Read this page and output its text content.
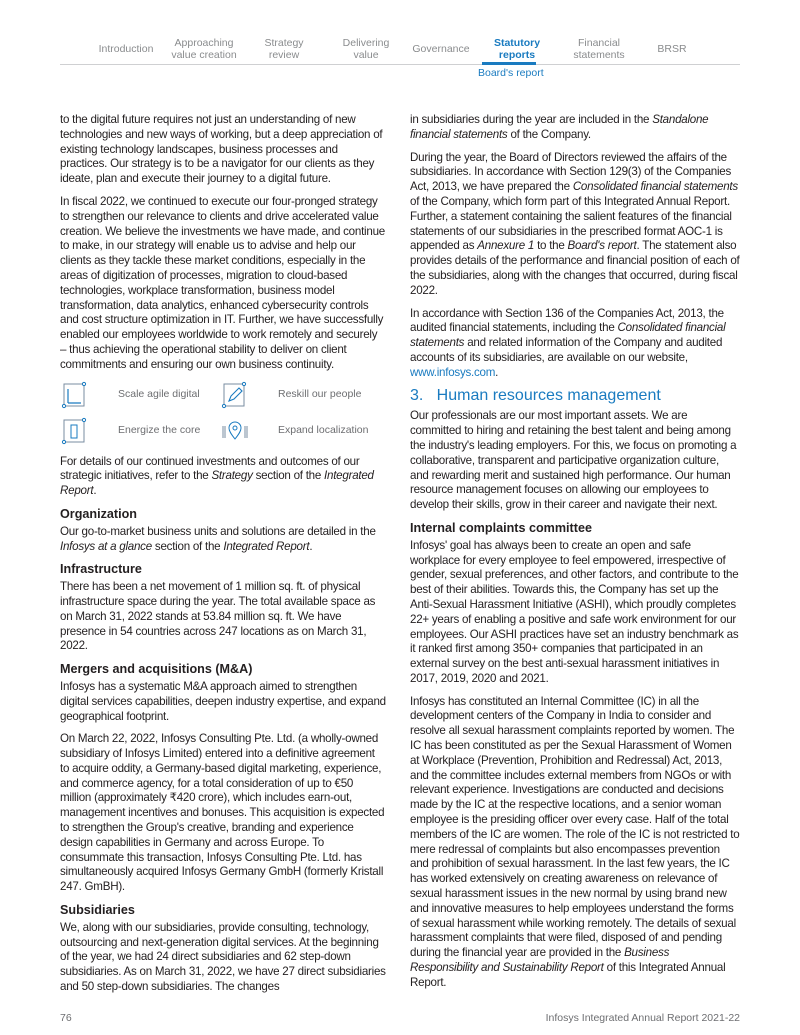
Introduction	Approaching value creation
Strategy review
Delivering value	Governance	Statutory reports
Financial statements	BRSR
Board's report

to the digital future requires not just an understanding of new technologies and new ways of working, but a deep appreciation of existing technology landscapes, business processes and practices. Our strategy is to be a navigator for our clients as they ideate, plan and execute their journey to a digital future.

In fiscal 2022, we continued to execute our four-pronged strategy to strengthen our relevance to clients and drive accelerated value creation. We believe the investments we have made, and continue to make, in our strategy will enable us to advise and help our clients as they tackle these market conditions, especially in the areas of digitization of processes, migration to cloud-based technologies, workplace transformation, business model transformation, data analytics, enhanced cybersecurity controls and cost structure optimization in IT. Further, we have successfully enabled our employees worldwide to work remotely and securely – thus achieving the operational stability to deliver on client commitments and ensuring our own business continuity.

Scale agile digital	Reskill our people
Energize the core	Expand localization

For details of our continued investments and outcomes of our strategic initiatives, refer to the Strategy section of the Integrated Report.

Organization

Our go-to-market business units and solutions are detailed in the Infosys at a glance section of the Integrated Report.

Infrastructure

There has been a net movement of 1 million sq. ft. of physical infrastructure space during the year. The total available space as on March 31, 2022 stands at 53.84 million sq. ft. We have presence in 54 countries across 247 locations as on March 31, 2022.

Mergers and acquisitions (M&A)

Infosys has a systematic M&A approach aimed to strengthen digital services capabilities, deepen industry expertise, and expand geographical footprint.

On March 22, 2022, Infosys Consulting Pte. Ltd. (a wholly-owned subsidiary of Infosys Limited) entered into a definitive agreement to acquire oddity, a Germany-based digital marketing, experience, and commerce agency, for a total consideration of up to €50 million (approximately ₹420 crore), which includes earn-out, management incentives and bonuses. This acquisition is expected to strengthen the Group's creative, branding and experience design capabilities in Germany and across Europe. To consummate this transaction, Infosys Consulting Pte. Ltd. has simultaneously acquired Infosys Germany GmbH (formerly Kristall 247. GmBH).

Subsidiaries

We, along with our subsidiaries, provide consulting, technology, outsourcing and next-generation digital services. At the beginning of the year, we had 24 direct subsidiaries and 62 step-down subsidiaries. As on March 31, 2022, we have 27 direct subsidiaries and 50 step-down subsidiaries. The changes

in subsidiaries during the year are included in the Standalone financial statements of the Company.

During the year, the Board of Directors reviewed the affairs of the subsidiaries. In accordance with Section 129(3) of the Companies Act, 2013, we have prepared the Consolidated financial statements of the Company, which form part of this Integrated Annual Report. Further, a statement containing the salient features of the financial statements of our subsidiaries in the prescribed format AOC-1 is appended as Annexure 1 to the Board's report. The statement also provides details of the performance and financial position of each of the subsidiaries, along with the changes that occurred, during fiscal 2022.

In accordance with Section 136 of the Companies Act, 2013, the audited financial statements, including the Consolidated financial statements and related information of the Company and audited accounts of its subsidiaries, are available on our website, www.infosys.com.

3.   Human resources management

Our professionals are our most important assets. We are committed to hiring and retaining the best talent and being among the industry's leading employers. For this, we focus on promoting a collaborative, transparent and participative organization culture, and rewarding merit and sustained high performance. Our human resource management focuses on allowing our employees to develop their skills, grow in their career and navigate their next.

Internal complaints committee

Infosys' goal has always been to create an open and safe workplace for every employee to feel empowered, irrespective of gender, sexual preferences, and other factors, and contribute to the best of their abilities. Towards this, the Company has set up the Anti-Sexual Harassment Initiative (ASHI), which proudly completes 22+ years of enabling a positive and safe work environment for our employees. Our ASHI practices have set an industry benchmark as it ranked first among 350+ companies that participated in an external survey on the best anti-sexual harassment initiatives in 2017, 2019, 2020 and 2021.

Infosys has constituted an Internal Committee (IC) in all the development centers of the Company in India to consider and resolve all sexual harassment complaints reported by women. The IC has been constituted as per the Sexual Harassment of Women at Workplace (Prevention, Prohibition and Redressal) Act, 2013, and the committee includes external members from NGOs or with relevant experience. Investigations are conducted and decisions made by the IC at the respective locations, and a senior woman employee is the presiding officer over every case. Half of the total members of the IC are women. The role of the IC is not restricted to mere redressal of complaints but also encompasses prevention and prohibition of sexual harassment. In the last few years, the IC has worked extensively on creating awareness on relevance of sexual harassment issues in the new normal by using brand new and innovative measures to help employees understand the forms of sexual harassment while working remotely. The details of sexual harassment complaints that were filed, disposed of and pending during the financial year are provided in the Business Responsibility and Sustainability Report of this Integrated Annual Report.

76	Infosys Integrated Annual Report 2021-22
